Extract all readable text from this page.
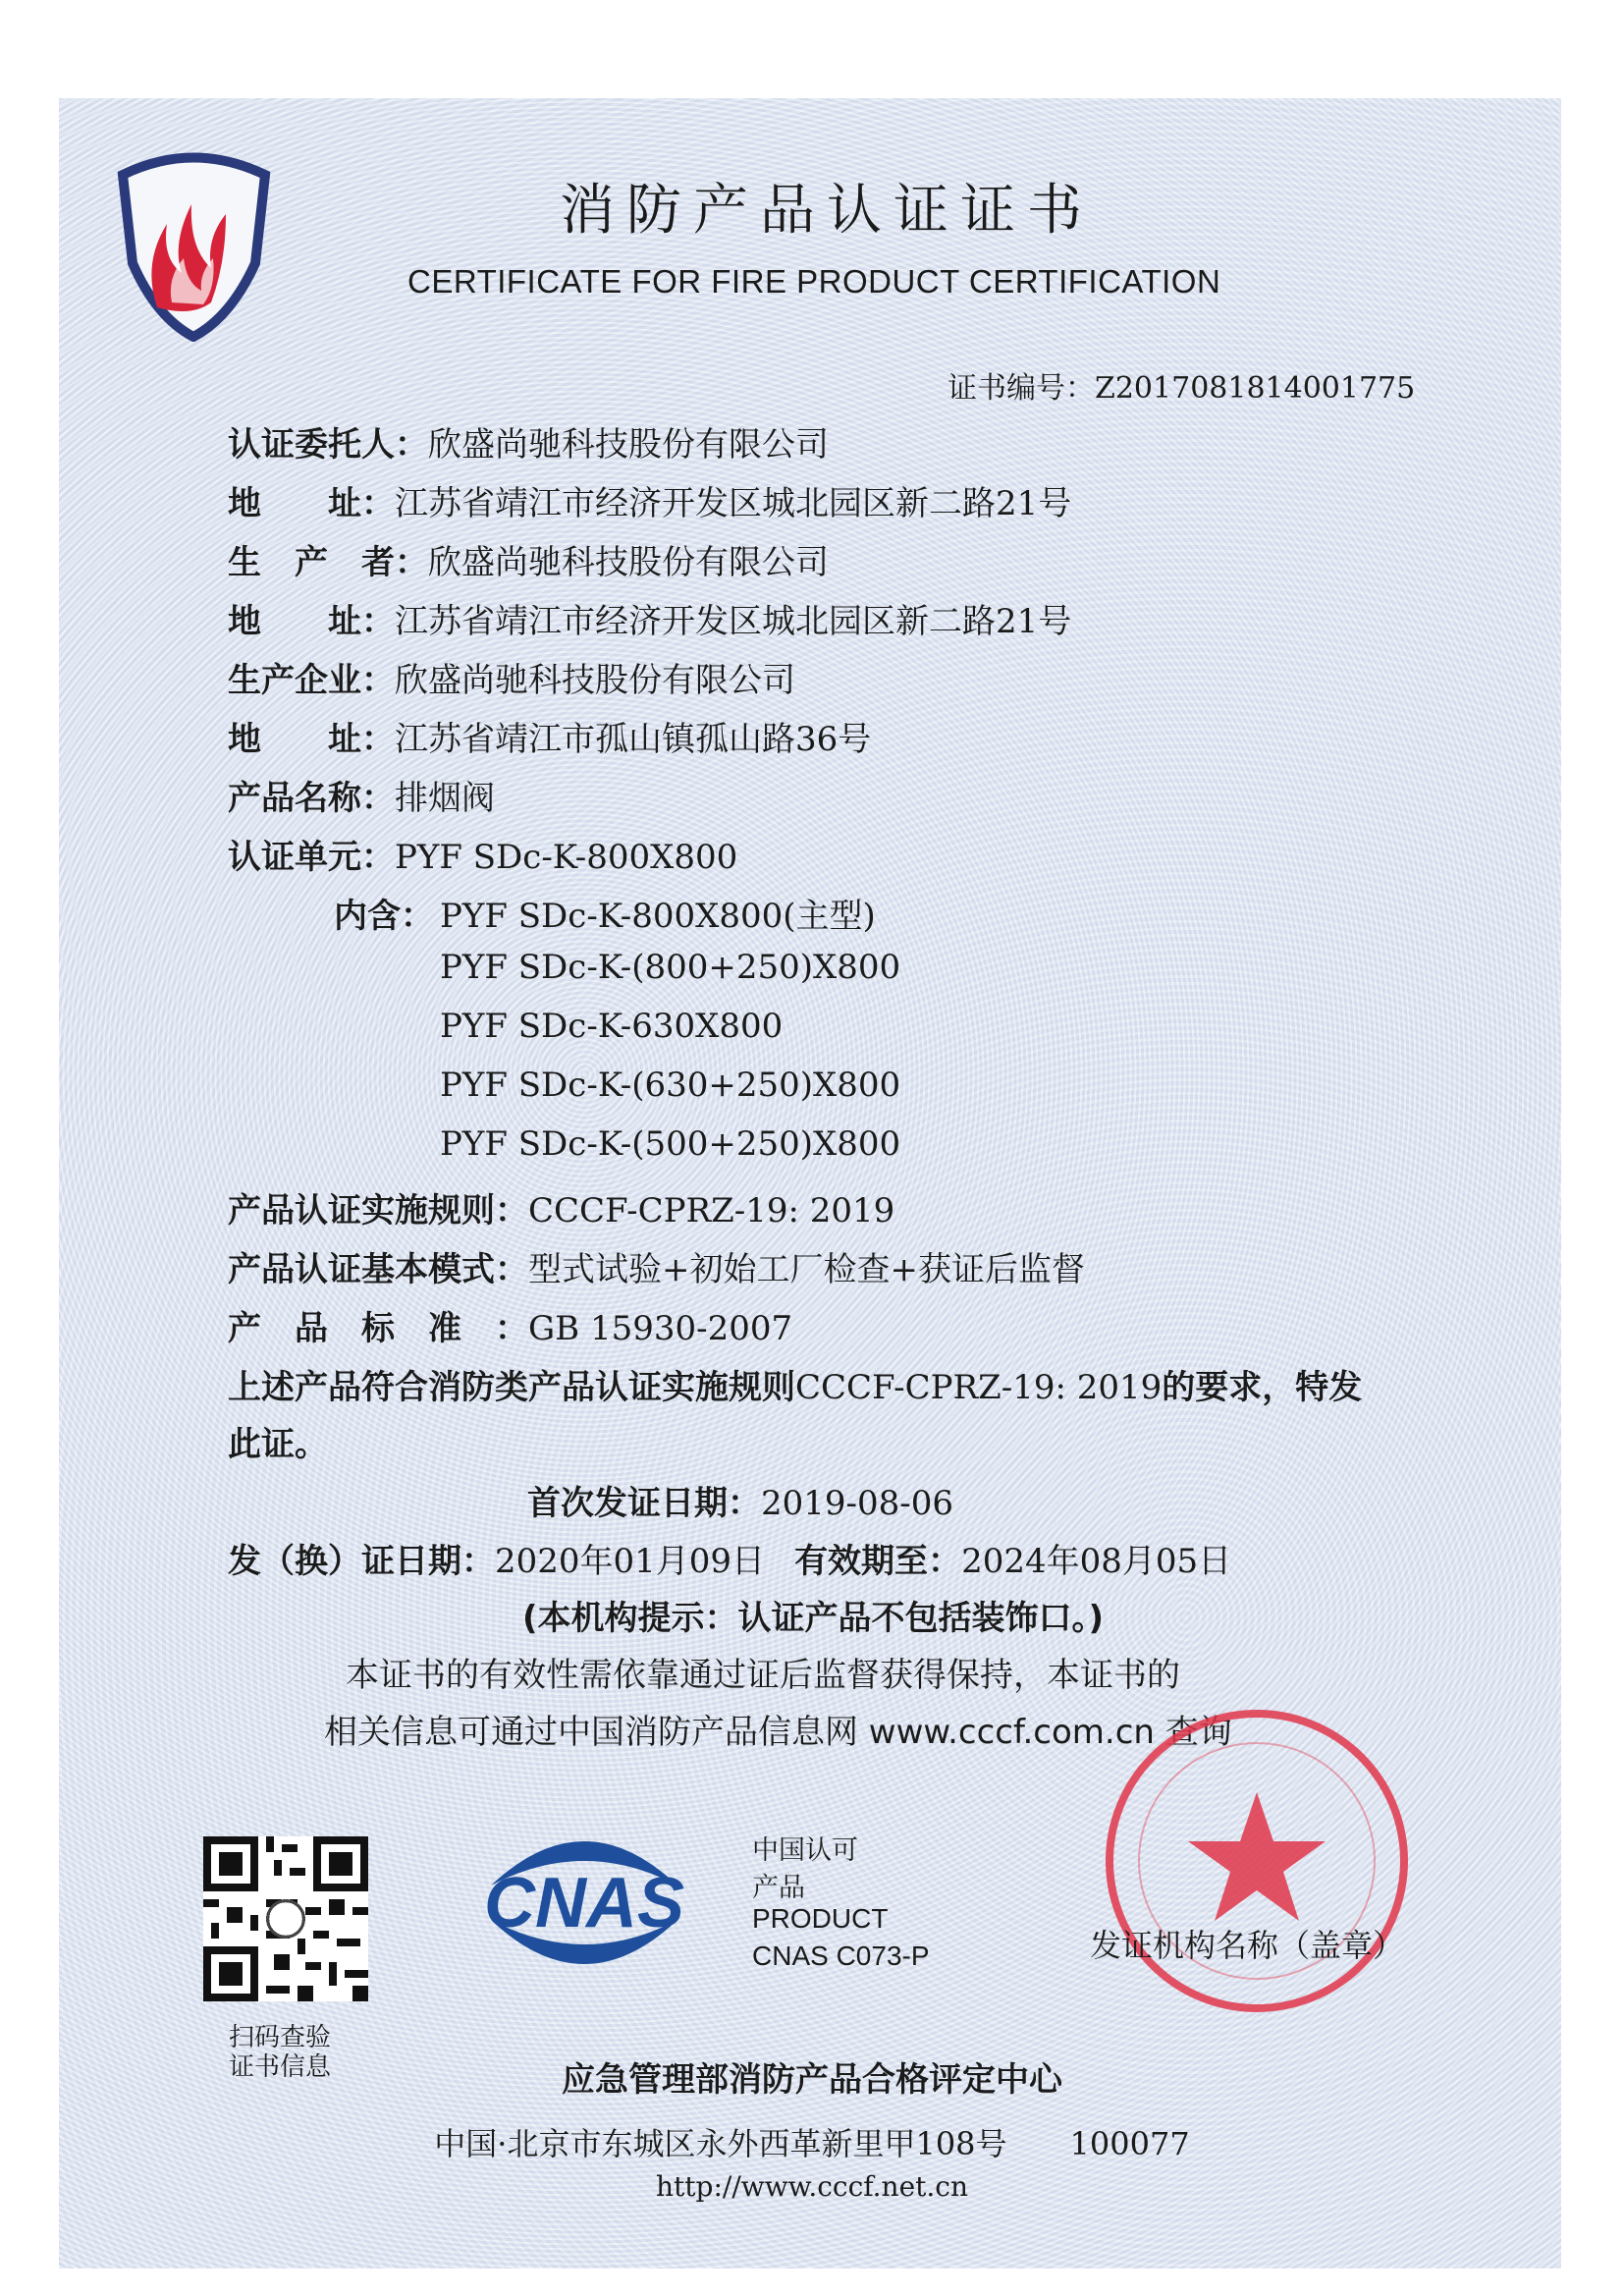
消防产品认证证书
CERTIFICATE FOR FIRE PRODUCT CERTIFICATION
证书编号：Z2017081814001775
认证委托人： 欣盛尚驰科技股份有限公司
地　　址： 江苏省靖江市经济开发区城北园区新二路21号
生　产　者： 欣盛尚驰科技股份有限公司
地　　址： 江苏省靖江市经济开发区城北园区新二路21号
生产企业： 欣盛尚驰科技股份有限公司
地　　址： 江苏省靖江市孤山镇孤山路36号
产品名称： 排烟阀
认证单元： PYF SDc-K-800X800
内含： PYF SDc-K-800X800(主型)
PYF SDc-K-(800+250)X800
PYF SDc-K-630X800
PYF SDc-K-(630+250)X800
PYF SDc-K-(500+250)X800
产品认证实施规则： CCCF-CPRZ-19: 2019
产品认证基本模式： 型式试验+初始工厂检查+获证后监督
产　品　标　准　： GB 15930-2007
上述产品符合消防类产品认证实施规则CCCF-CPRZ-19: 2019的要求，特发
此证。
首次发证日期：2019-08-06
发（换）证日期：2020年01月09日 有效期至：2024年08月05日
(本机构提示：认证产品不包括装饰口。)
本证书的有效性需依靠通过证后监督获得保持，本证书的
相关信息可通过中国消防产品信息网 www.cccf.com.cn 查询
扫码查验
证书信息
CNAS
中国认可
产品
PRODUCT
CNAS C073-P	发证机构名称（盖章）
应急管理部消防产品合格评定中心
中国·北京市东城区永外西革新里甲108号　　100077
http://www.cccf.net.cn
